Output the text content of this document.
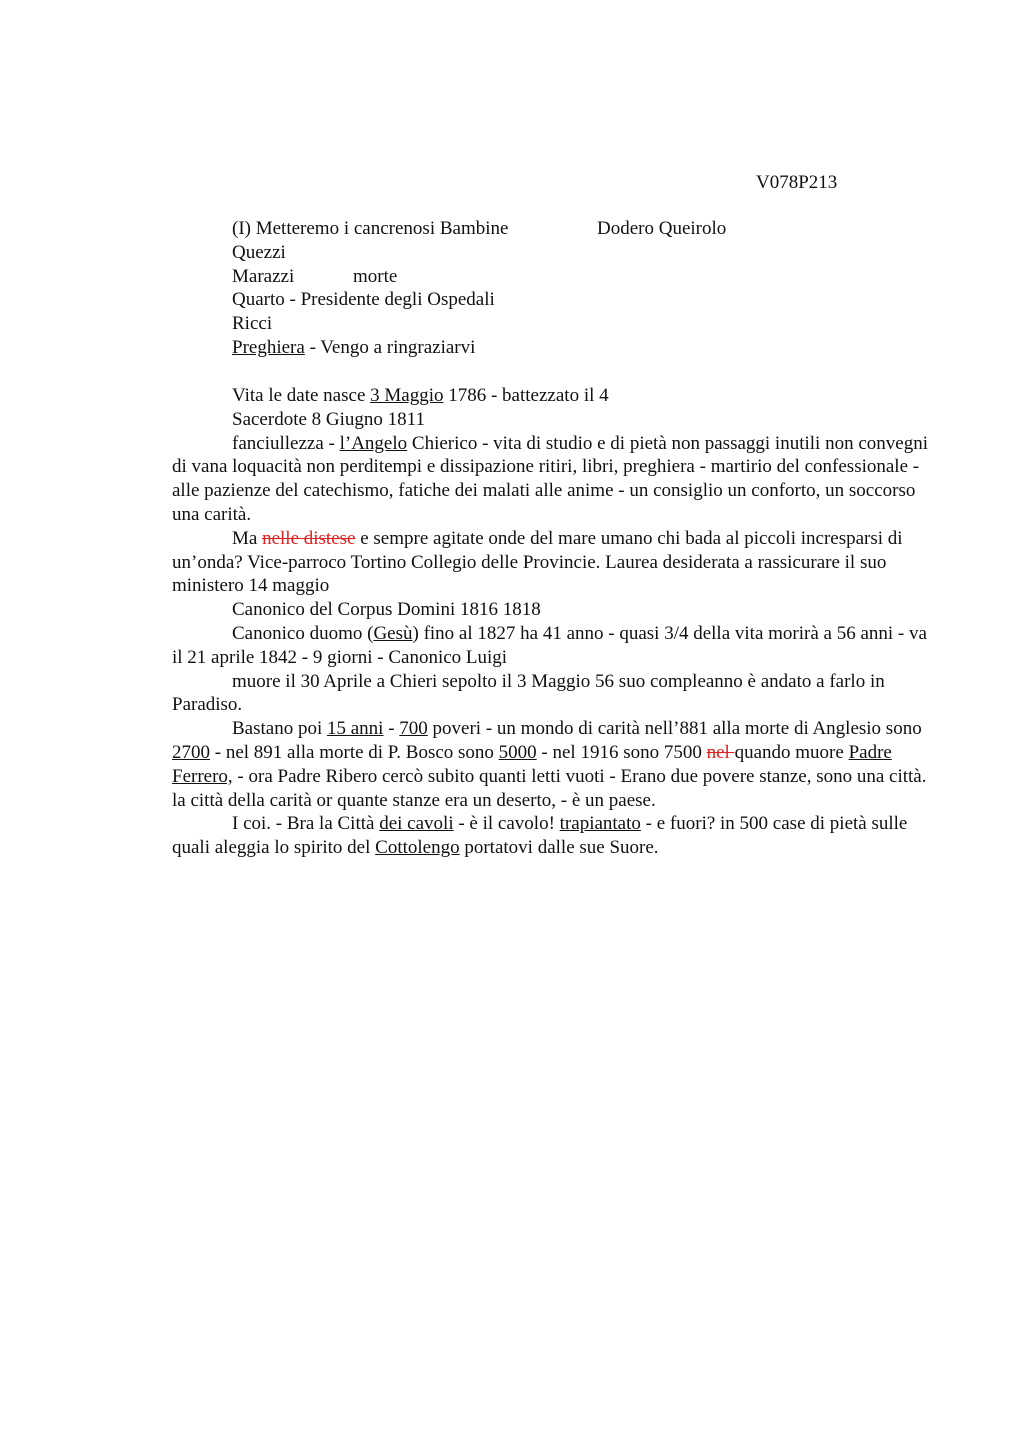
V078P213
(I) Metteremo i cancrenosi Bambine	Dodero Queirolo
Quezzi
Marazzi	morte
Quarto - Presidente degli Ospedali
Ricci
Preghiera - Vengo a ringraziarvi
Vita le date nasce 3 Maggio 1786 - battezzato il 4
Sacerdote 8 Giugno 1811
fanciullezza - l’Angelo Chierico - vita di studio e di pietà non passaggi inutili non convegni di vana loquacità non perditempi e dissipazione ritiri, libri, preghiera - martirio del confessionale - alle pazienze del catechismo, fatiche dei malati alle anime - un consiglio un conforto, un soccorso una carità.
Ma nelle distese e sempre agitate onde del mare umano chi bada al piccoli incresparsi di un’onda? Vice-parroco Tortino Collegio delle Provincie. Laurea desiderata a rassicurare il suo ministero 14 maggio
Canonico del Corpus Domini 1816 1818
Canonico duomo (Gesù) fino al 1827 ha 41 anno - quasi 3/4 della vita morirà a 56 anni - va il 21 aprile 1842 - 9 giorni - Canonico Luigi
muore il 30 Aprile a Chieri sepolto il 3 Maggio 56 suo compleanno è andato a farlo in Paradiso.
Bastano poi 15 anni - 700 poveri - un mondo di carità nell’881 alla morte di Anglesio sono 2700 - nel 891 alla morte di P. Bosco sono 5000 - nel 1916 sono 7500 nel quando muore Padre Ferrero, - ora Padre Ribero cercò subito quanti letti vuoti - Erano due povere stanze, sono una città. la città della carità or quante stanze era un deserto, - è un paese.
I coi. - Bra la Città dei cavoli - è il cavolo! trapiantato - e fuori? in 500 case di pietà sulle quali aleggia lo spirito del Cottolengo portatovi dalle sue Suore.
